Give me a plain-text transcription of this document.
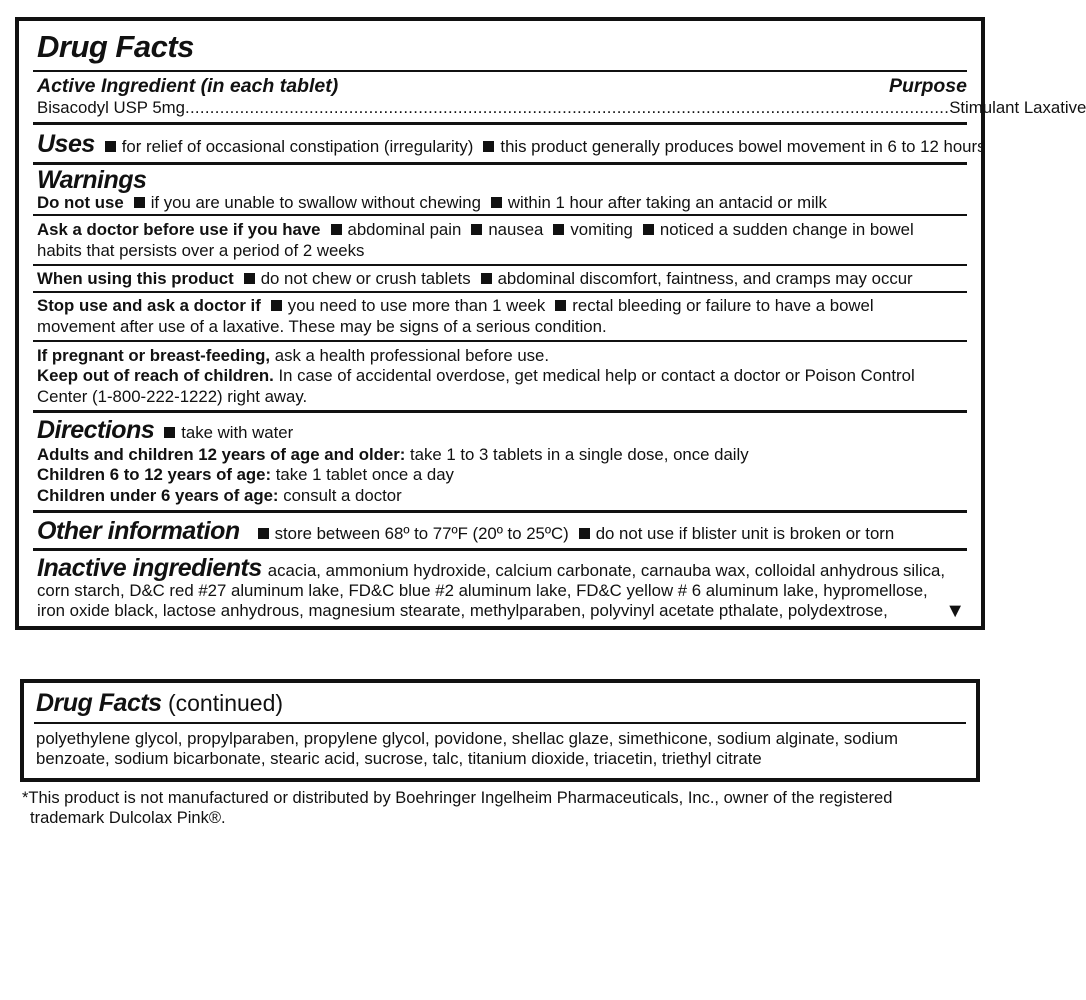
Drug Facts
Active Ingredient (in each tablet)	Purpose
Bisacodyl USP 5mg .......................................................................................................................................................... Stimulant Laxative
Uses for relief of occasional constipation (irregularity) this product generally produces bowel movement in 6 to 12 hours
Warnings
Do not use if you are unable to swallow without chewing within 1 hour after taking an antacid or milk
Ask a doctor before use if you have abdominal pain nausea vomiting noticed a sudden change in bowel
habits that persists over a period of 2 weeks
When using this product do not chew or crush tablets abdominal discomfort, faintness, and cramps may occur
Stop use and ask a doctor if you need to use more than 1 week rectal bleeding or failure to have a bowel
movement after use of a laxative. These may be signs of a serious condition.
If pregnant or breast-feeding, ask a health professional before use.
Keep out of reach of children. In case of accidental overdose, get medical help or contact a doctor or Poison Control
Center (1-800-222-1222) right away.
Directions take with water
Adults and children 12 years of age and older: take 1 to 3 tablets in a single dose, once daily
Children 6 to 12 years of age: take 1 tablet once a day
Children under 6 years of age: consult a doctor
Other information store between 68º to 77ºF (20º to 25ºC) do not use if blister unit is broken or torn
Inactive ingredients acacia, ammonium hydroxide, calcium carbonate, carnauba wax, colloidal anhydrous silica,
corn starch, D&C red #27 aluminum lake, FD&C blue #2 aluminum lake, FD&C yellow # 6 aluminum lake, hypromellose,
iron oxide black, lactose anhydrous, magnesium stearate, methylparaben, polyvinyl acetate pthalate, polydextrose,	▼
Drug Facts (continued)
polyethylene glycol, propylparaben, propylene glycol, povidone, shellac glaze, simethicone, sodium alginate, sodium
benzoate, sodium bicarbonate, stearic acid, sucrose, talc, titanium dioxide, triacetin, triethyl citrate
*This product is not manufactured or distributed by Boehringer Ingelheim Pharmaceuticals, Inc., owner of the registered
trademark Dulcolax Pink®.
